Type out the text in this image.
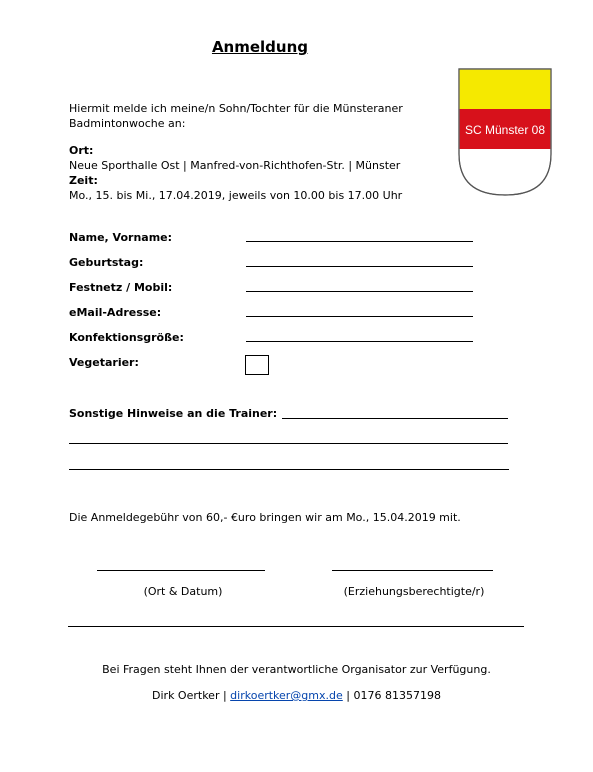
Anmeldung
SC Münster 08
Hiermit melde ich meine/n Sohn/Tochter für die Münsteraner
Badmintonwoche an:
Ort:
Neue Sporthalle Ost | Manfred-von-Richthofen-Str. | Münster
Zeit:
Mo., 15. bis Mi., 17.04.2019, jeweils von 10.00 bis 17.00 Uhr
Name, Vorname:
Geburtstag:
Festnetz / Mobil:
eMail-Adresse:
Konfektionsgröße:
Vegetarier:
Sonstige Hinweise an die Trainer:
Die Anmeldegebühr von 60,- €uro bringen wir am Mo., 15.04.2019 mit.
(Ort & Datum)	(Erziehungsberechtigte/r)
Bei Fragen steht Ihnen der verantwortliche Organisator zur Verfügung.
Dirk Oertker | dirkoertker@gmx.de | 0176 81357198
